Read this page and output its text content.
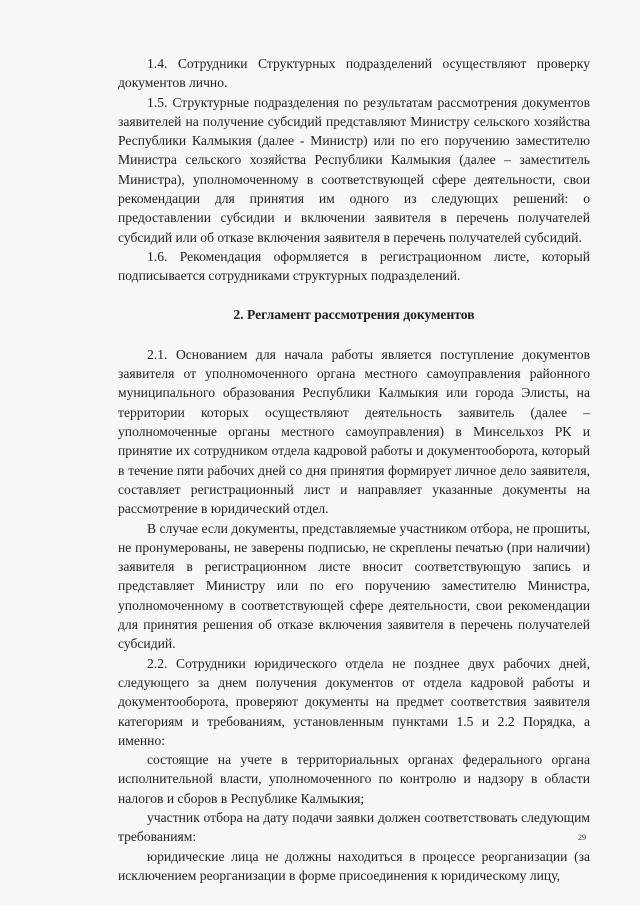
1.4. Сотрудники Структурных подразделений осуществляют проверку документов лично.

1.5. Структурные подразделения по результатам рассмотрения документов заявителей на получение субсидий представляют Министру сельского хозяйства Республики Калмыкия (далее - Министр) или по его поручению заместителю Министра сельского хозяйства Республики Калмыкия (далее – заместитель Министра), уполномоченному в соответствующей сфере деятельности, свои рекомендации для принятия им одного из следующих решений: о предоставлении субсидии и включении заявителя в перечень получателей субсидий или об отказе включения заявителя в перечень получателей субсидий.

1.6. Рекомендация оформляется в регистрационном листе, который подписывается сотрудниками структурных подразделений.

2. Регламент рассмотрения документов

2.1. Основанием для начала работы является поступление документов заявителя от уполномоченного органа местного самоуправления районного муниципального образования Республики Калмыкия или города Элисты, на территории которых осуществляют деятельность заявитель (далее – уполномоченные органы местного самоуправления) в Минсельхоз РК и принятие их сотрудником отдела кадровой работы и документооборота, который в течение пяти рабочих дней со дня принятия формирует личное дело заявителя, составляет регистрационный лист и направляет указанные документы на рассмотрение в юридический отдел.

В случае если документы, представляемые участником отбора, не прошиты, не пронумерованы, не заверены подписью, не скреплены печатью (при наличии) заявителя в регистрационном листе вносит соответствующую запись и представляет Министру или по его поручению заместителю Министра, уполномоченному в соответствующей сфере деятельности, свои рекомендации для принятия решения об отказе включения заявителя в перечень получателей субсидий.

2.2. Сотрудники юридического отдела не позднее двух рабочих дней, следующего за днем получения документов от отдела кадровой работы и документооборота, проверяют документы на предмет соответствия заявителя категориям и требованиям, установленным пунктами 1.5 и 2.2 Порядка, а именно:

состоящие на учете в территориальных органах федерального органа исполнительной власти, уполномоченного по контролю и надзору в области налогов и сборов в Республике Калмыкия;

участник отбора на дату подачи заявки должен соответствовать следующим требованиям:

юридические лица не должны находиться в процессе реорганизации (за исключением реорганизации в форме присоединения к юридическому лицу,

29
